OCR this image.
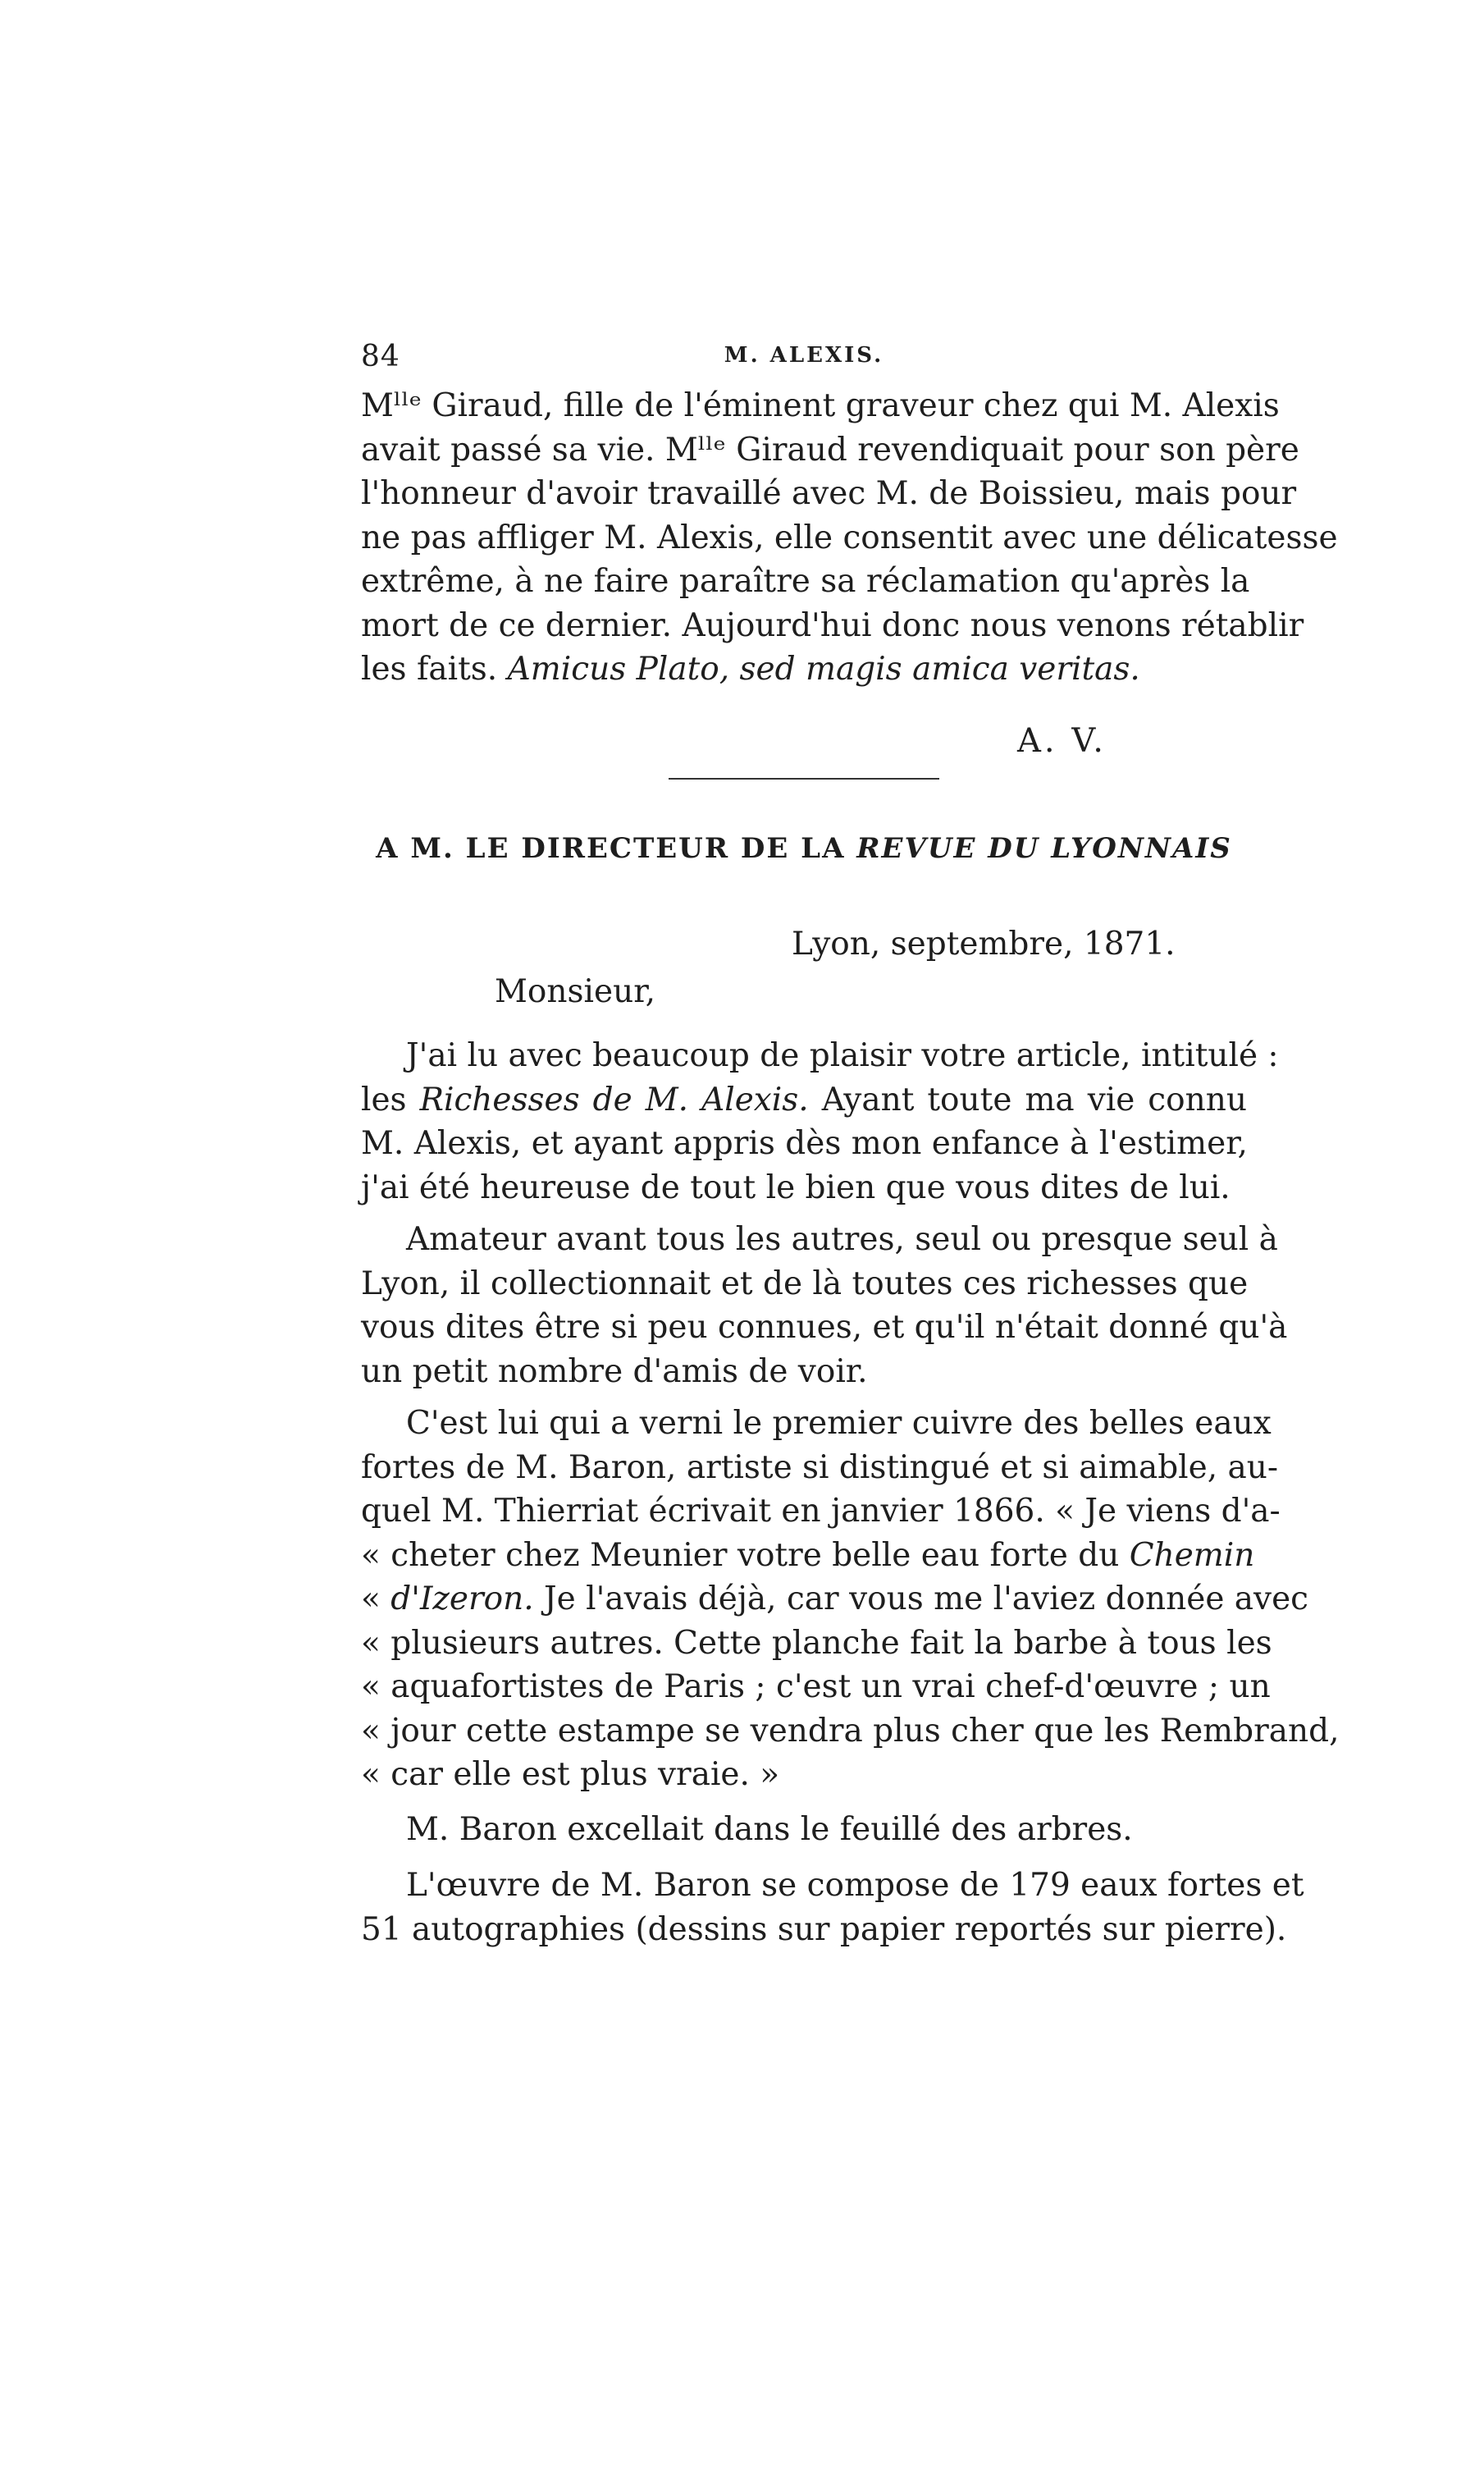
84	M. ALEXIS.

Mˡˡᵉ Giraud, fille de l'éminent graveur chez qui M. Alexis
avait passé sa vie. Mˡˡᵉ Giraud revendiquait pour son père
l'honneur d'avoir travaillé avec M. de Boissieu, mais pour
ne pas affliger M. Alexis, elle consentit avec une délicatesse
extrême, à ne faire paraître sa réclamation qu'après la
mort de ce dernier. Aujourd'hui donc nous venons rétablir
les faits. Amicus Plato, sed magis amica veritas.

A. V.
A M. LE DIRECTEUR DE LA REVUE DU LYONNAIS
Lyon, septembre, 1871.
Monsieur,

J'ai lu avec beaucoup de plaisir votre article, intitulé :
les Richesses de M. Alexis. Ayant toute ma vie connu
M. Alexis, et ayant appris dès mon enfance à l'estimer,
j'ai été heureuse de tout le bien que vous dites de lui.

Amateur avant tous les autres, seul ou presque seul à
Lyon, il collectionnait et de là toutes ces richesses que
vous dites être si peu connues, et qu'il n'était donné qu'à
un petit nombre d'amis de voir.

C'est lui qui a verni le premier cuivre des belles eaux
fortes de M. Baron, artiste si distingué et si aimable, au-
quel M. Thierriat écrivait en janvier 1866. « Je viens d'a-
« cheter chez Meunier votre belle eau forte du Chemin
« d'Izeron. Je l'avais déjà, car vous me l'aviez donnée avec
« plusieurs autres. Cette planche fait la barbe à tous les
« aquafortistes de Paris ; c'est un vrai chef-d'œuvre ; un
« jour cette estampe se vendra plus cher que les Rembrand,
« car elle est plus vraie. »

M. Baron excellait dans le feuillé des arbres.

L'œuvre de M. Baron se compose de 179 eaux fortes et
51 autographies (dessins sur papier reportés sur pierre).
